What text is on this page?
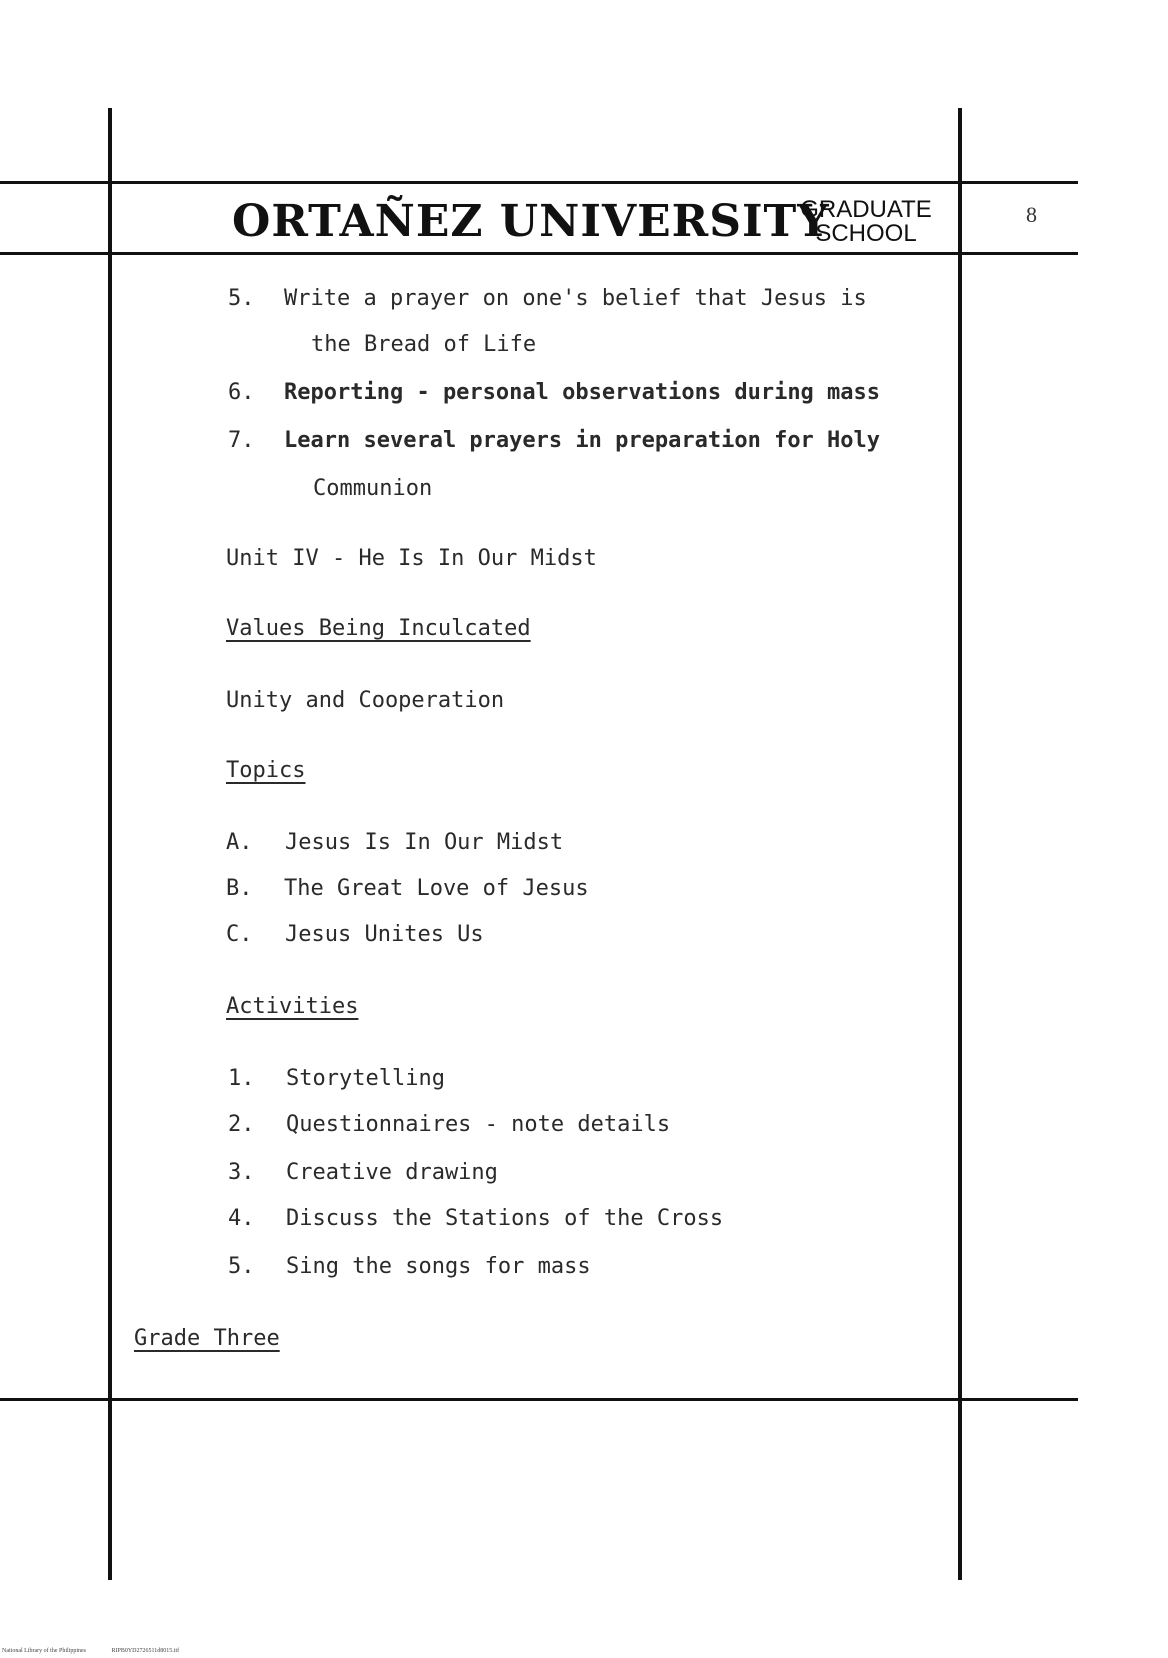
ORTAÑEZ UNIVERSITY
GRADUATE
SCHOOL
8
5. Write a prayer on one's belief that Jesus is
the Bread of Life
6. Reporting - personal observations during mass
7. Learn several prayers in preparation for Holy
Communion
Unit IV - He Is In Our Midst
Values Being Inculcated
Unity and Cooperation
Topics
A. Jesus Is In Our Midst
B. The Great Love of Jesus
C. Jesus Unites Us
Activities
1. Storytelling
2. Questionnaires - note details
3. Creative drawing
4. Discuss the Stations of the Cross
5. Sing the songs for mass
Grade Three
National Library of the Philippines	RIPB0YD2726511d8015.tif
